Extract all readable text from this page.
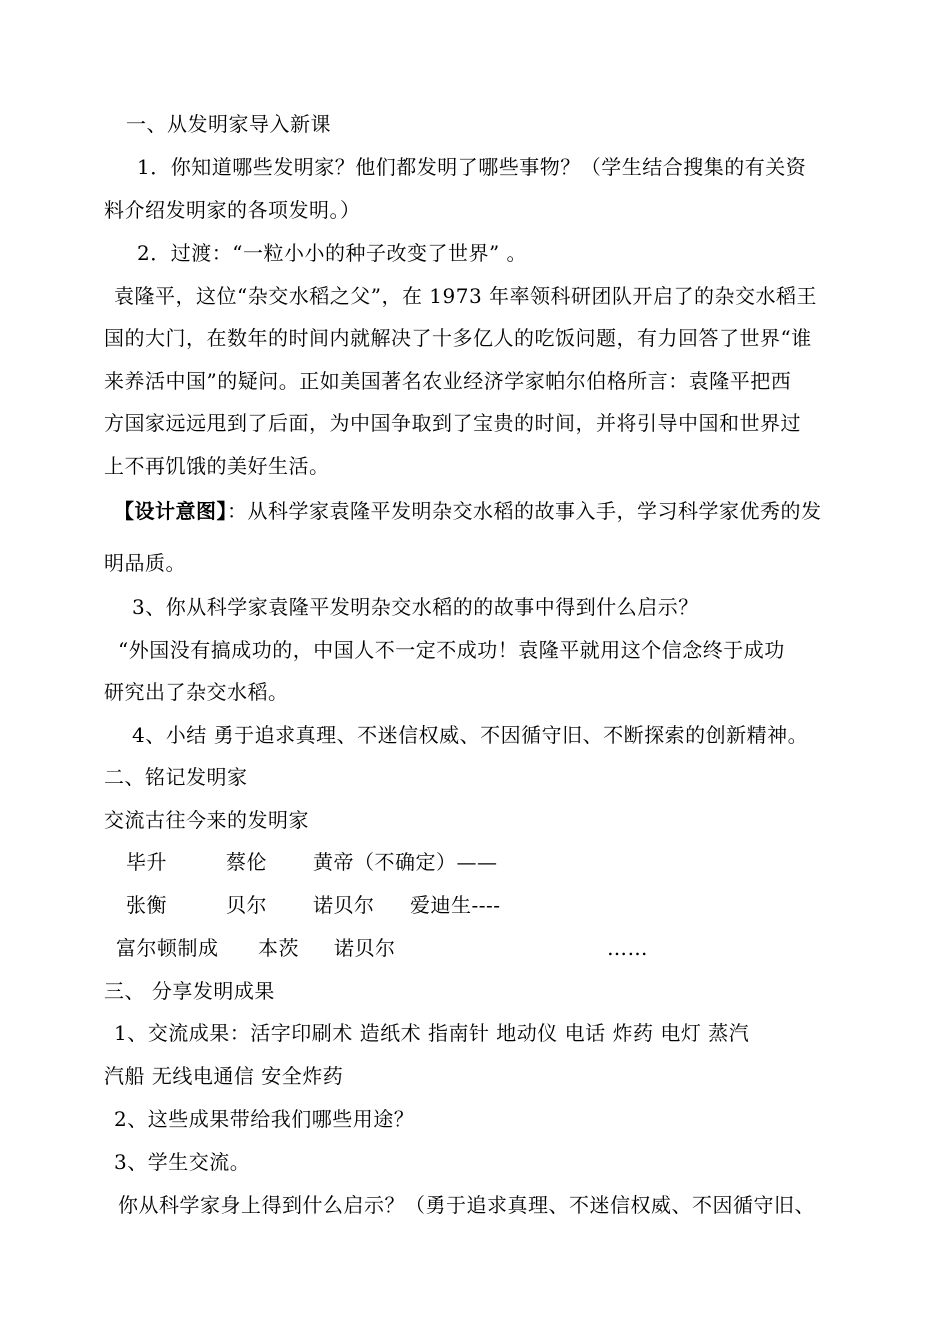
一、从发明家导入新课
1．你知道哪些发明家？他们都发明了哪些事物？（学生结合搜集的有关资
料介绍发明家的各项发明。）
2．过渡：“一粒小小的种子改变了世界” 。
袁隆平，这位“杂交水稻之父”，在 1973 年率领科研团队开启了的杂交水稻王
国的大门，在数年的时间内就解决了十多亿人的吃饭问题，有力回答了世界“谁
来养活中国”的疑问。正如美国著名农业经济学家帕尔伯格所言：袁隆平把西
方国家远远甩到了后面，为中国争取到了宝贵的时间，并将引导中国和世界过
上不再饥饿的美好生活。
【设计意图】：从科学家袁隆平发明杂交水稻的故事入手，学习科学家优秀的发
明品质。
3、你从科学家袁隆平发明杂交水稻的的故事中得到什么启示？
“外国没有搞成功的，中国人不一定不成功！袁隆平就用这个信念终于成功
研究出了杂交水稻。
4、小结 勇于追求真理、不迷信权威、不因循守旧、不断探索的创新精神。
二、铭记发明家
交流古往今来的发明家
毕升	蔡伦 黄帝（不确定）——
张衡	贝尔 诺贝尔 爱迪生----
富尔顿制成 本茨 诺贝尔	……
三、 分享发明成果
1、交流成果：活字印刷术 造纸术 指南针 地动仪 电话 炸药 电灯 蒸汽
汽船 无线电通信 安全炸药
2、这些成果带给我们哪些用途？
3、学生交流。
你从科学家身上得到什么启示？（勇于追求真理、不迷信权威、不因循守旧、
